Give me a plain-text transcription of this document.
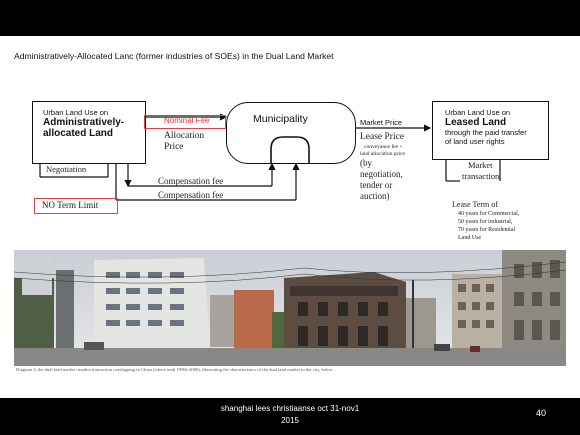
Administratively-Allocated Lanc (former industries of SOEs) in the Dual Land Market
Urban Land Use on
Administratively-
allocated Land
Nominal Fee
Allocation
Price
Municipality	Market Price
Lease Price
conveyance fee +
land allocation price
(by
negotiation,
tender or
auction)
Urban Land Use on
Leased Land
through the paid transfer
of land user rights
Market
transaction
Lease Term of
40 years for Commercial,
50 years for industrial,
70 years for Residential
Land Use
Negotiation
Compensation fee
Compensation fee
NO Term Limit
Diagram 2: the dual land market: market transaction overlapping in China (where until 1990s-2000), illustrating the characteristics of the dual land market in the city, below
shanghai lees christiaanse oct 31-nov1
2015
40
